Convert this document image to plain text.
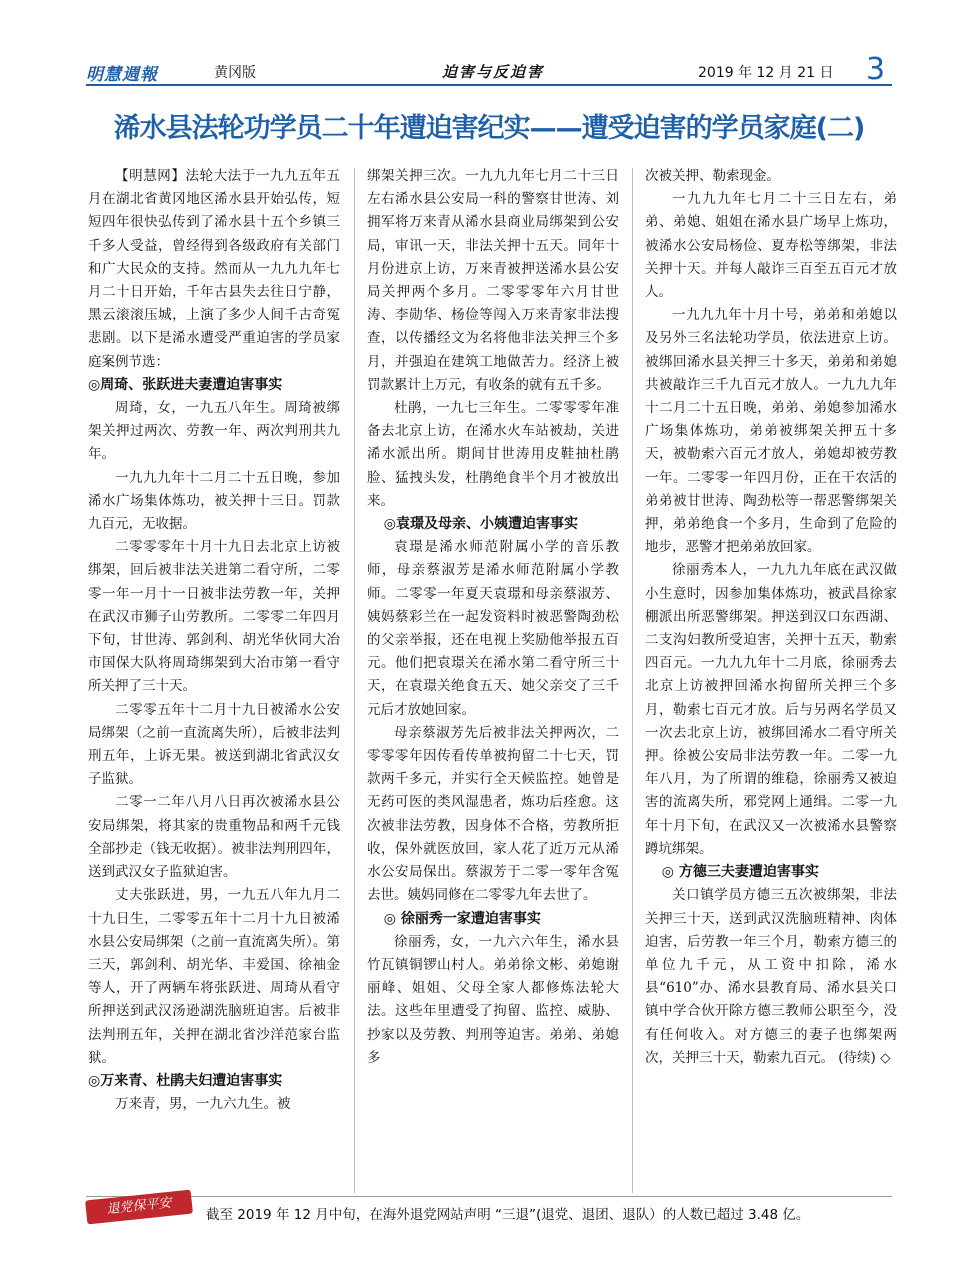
明慧週報	黄冈版	迫害与反迫害	2019 年 12 月 21 日 3
浠水县法轮功学员二十年遭迫害纪实——遭受迫害的学员家庭(二)

【明慧网】法轮大法于一九九五年五月在湖北省黄冈地区浠水县开始弘传，短短四年很快弘传到了浠水县十五个乡镇三千多人受益，曾经得到各级政府有关部门和广大民众的支持。然而从一九九九年七月二十日开始，千年古县失去往日宁静，黑云滚滚压城，上演了多少人间千古奇冤悲剧。以下是浠水遭受严重迫害的学员家庭案例节选：

◎周琦、张跃进夫妻遭迫害事实

周琦，女，一九五八年生。周琦被绑架关押过两次、劳教一年、两次判刑共九年。

一九九九年十二月二十五日晚，参加浠水广场集体炼功，被关押十三日。罚款九百元，无收据。

二零零零年十月十九日去北京上访被绑架，回后被非法关进第二看守所，二零零一年一月十一日被非法劳教一年，关押在武汉市狮子山劳教所。二零零二年四月下旬，甘世涛、郭剑利、胡光华伙同大冶市国保大队将周琦绑架到大冶市第一看守所关押了三十天。

二零零五年十二月十九日被浠水公安局绑架（之前一直流离失所），后被非法判刑五年，上诉无果。被送到湖北省武汉女子监狱。

二零一二年八月八日再次被浠水县公安局绑架，将其家的贵重物品和两千元钱全部抄走（钱无收据）。被非法判刑四年，送到武汉女子监狱迫害。

丈夫张跃进，男，一九五八年九月二十九日生，二零零五年十二月十九日被浠水县公安局绑架（之前一直流离失所）。第三天，郭剑利、胡光华、丰爱国、徐袖金等人，开了两辆车将张跃进、周琦从看守所押送到武汉汤逊湖洗脑班迫害。后被非法判刑五年，关押在湖北省沙洋范家台监狱。

◎万来青、杜鹃夫妇遭迫害事实

万来青，男，一九六九生。被

绑架关押三次。一九九九年七月二十三日左右浠水县公安局一科的警察甘世涛、刘拥军将万来青从浠水县商业局绑架到公安局，审讯一天，非法关押十五天。同年十月份进京上访，万来青被押送浠水县公安局关押两个多月。二零零零年六月甘世涛、李勋华、杨俭等闯入万来青家非法搜查，以传播经文为名将他非法关押三个多月，并强迫在建筑工地做苦力。经济上被罚款累计上万元，有收条的就有五千多。

杜鹃，一九七三年生。二零零零年准备去北京上访，在浠水火车站被劫，关进浠水派出所。期间甘世涛用皮鞋抽杜鹃脸、猛拽头发，杜鹃绝食半个月才被放出来。

◎袁璟及母亲、小姨遭迫害事实

袁璟是浠水师范附属小学的音乐教师，母亲蔡淑芳是浠水师范附属小学教师。二零零一年夏天袁璟和母亲蔡淑芳、姨妈蔡彩兰在一起发资料时被恶警陶劲松的父亲举报，还在电视上奖励他举报五百元。他们把袁璟关在浠水第二看守所三十天，在袁璟关绝食五天、她父亲交了三千元后才放她回家。

母亲蔡淑芳先后被非法关押两次，二零零零年因传看传单被拘留二十七天，罚款两千多元，并实行全天候监控。她曾是无药可医的类风湿患者，炼功后痊愈。这次被非法劳教，因身体不合格，劳教所拒收，保外就医放回，家人花了近万元从浠水公安局保出。蔡淑芳于二零一零年含冤去世。姨妈同修在二零零九年去世了。

◎ 徐丽秀一家遭迫害事实

徐丽秀，女，一九六六年生，浠水县竹瓦镇铜锣山村人。弟弟徐文彬、弟媳谢丽峰、姐姐、父母全家人都修炼法轮大法。这些年里遭受了拘留、监控、威胁、抄家以及劳教、判刑等迫害。弟弟、弟媳多

次被关押、勒索现金。

一九九九年七月二十三日左右，弟弟、弟媳、姐姐在浠水县广场早上炼功，被浠水公安局杨俭、夏寿松等绑架，非法关押十天。并每人敲诈三百至五百元才放人。

一九九九年十月十号，弟弟和弟媳以及另外三名法轮功学员，依法进京上访。被绑回浠水县关押三十多天，弟弟和弟媳共被敲诈三千九百元才放人。一九九九年十二月二十五日晚，弟弟、弟媳参加浠水广场集体炼功，弟弟被绑架关押五十多天，被勒索六百元才放人，弟媳却被劳教一年。二零零一年四月份，正在干农活的弟弟被甘世涛、陶劲松等一帮恶警绑架关押，弟弟绝食一个多月，生命到了危险的地步，恶警才把弟弟放回家。

徐丽秀本人，一九九九年底在武汉做小生意时，因参加集体炼功，被武昌徐家棚派出所恶警绑架。押送到汉口东西湖、二支沟妇教所受迫害，关押十五天，勒索四百元。一九九九年十二月底，徐丽秀去北京上访被押回浠水拘留所关押三个多月，勒索七百元才放。后与另两名学员又一次去北京上访，被绑回浠水二看守所关押。徐被公安局非法劳教一年。二零一九年八月，为了所谓的维稳，徐丽秀又被迫害的流离失所，邪党网上通缉。二零一九年十月下旬，在武汉又一次被浠水县警察蹲坑绑架。

◎ 方德三夫妻遭迫害事实

关口镇学员方德三五次被绑架，非法关押三十天，送到武汉洗脑班精神、肉体迫害，后劳教一年三个月，勒索方德三的单位九千元，从工资中扣除，浠水县“610”办、浠水县教育局、浠水县关口镇中学合伙开除方德三教师公职至今，没有任何收入。对方德三的妻子也绑架两次，关押三十天，勒索九百元。 (待续) ◇

退党保平安	截至 2019 年 12 月中旬，在海外退党网站声明 “三退”(退党、退团、退队）的人数已超过 3.48 亿。
